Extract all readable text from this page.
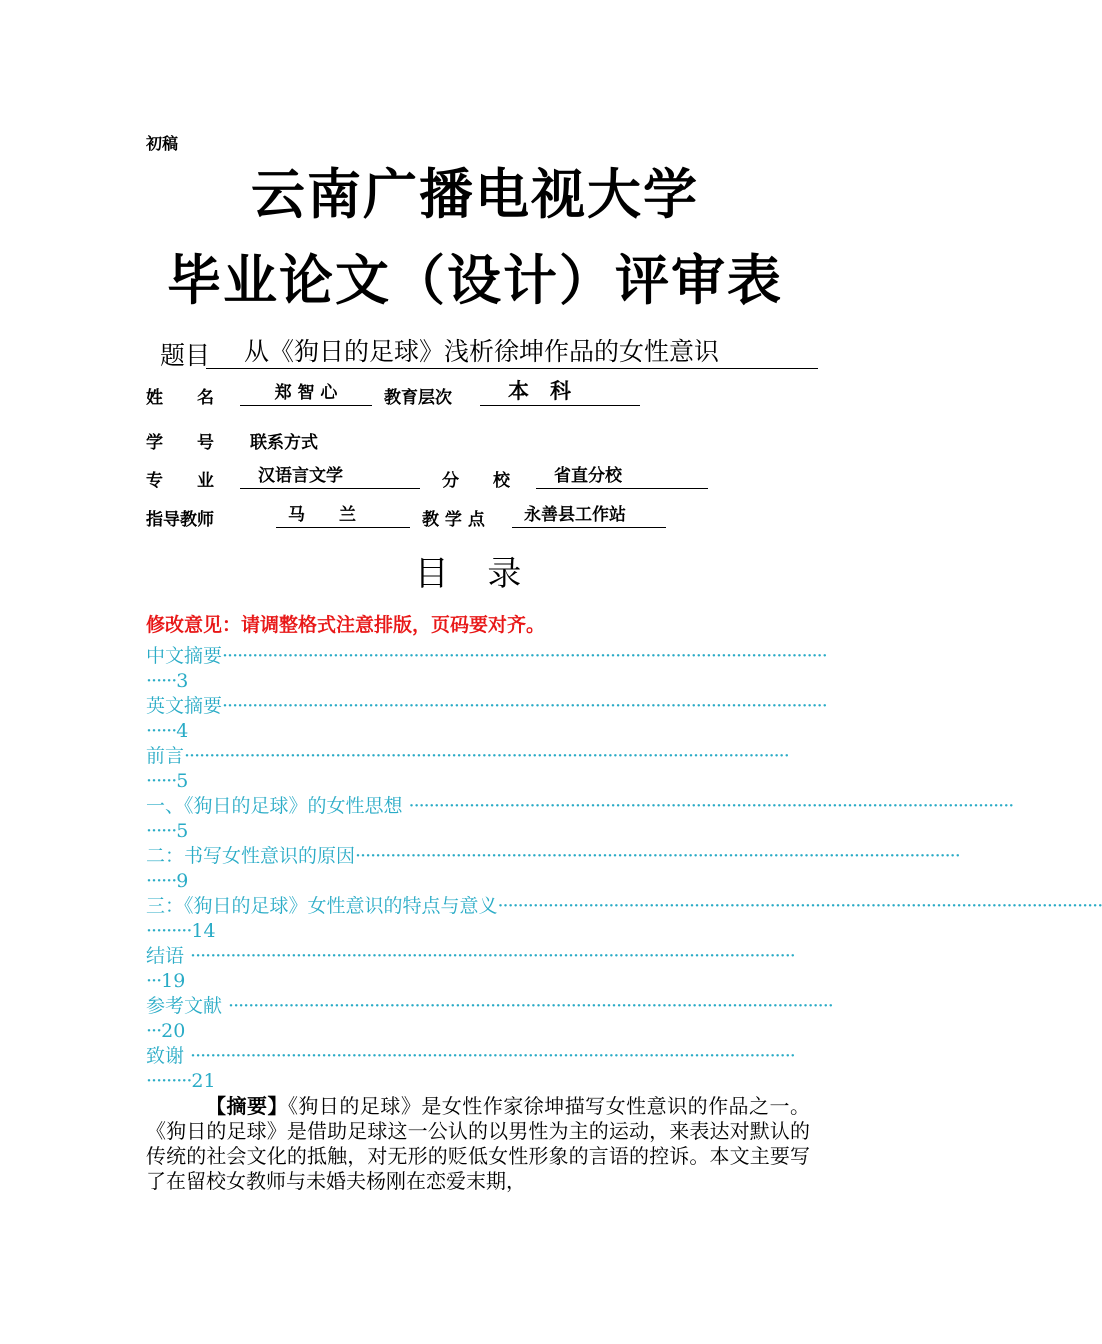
初稿
云南广播电视大学
毕业论文（设计）评审表
题目	从《狗日的足球》浅析徐坤作品的女性意识
姓　　名	郑 智 心	教育层次	本　科
学　　号 联系方式
专　　业	汉语言文学	分　　校	省直分校
指导教师	马　　兰	教 学 点	永善县工作站
目 录
修改意见：请调整格式注意排版，页码要对齐。
中文摘要························································································································
······3
英文摘要························································································································
······4
前言························································································································
······5
一、《狗日的足球》的女性思想 ························································································································
······5
二：书写女性意识的原因························································································································
······9
三：《狗日的足球》女性意识的特点与意义························································································································
·········14
结语 ························································································································
···19
参考文献 ························································································································
···20
致谢 ························································································································
·········21

【摘要】《狗日的足球》是女性作家徐坤描写女性意识的作品之一。《狗日的足球》是借助足球这一公认的以男性为主的运动，来表达对默认的传统的社会文化的抵触，对无形的贬低女性形象的言语的控诉。本文主要写了在留校女教师与未婚夫杨刚在恋爱末期，
